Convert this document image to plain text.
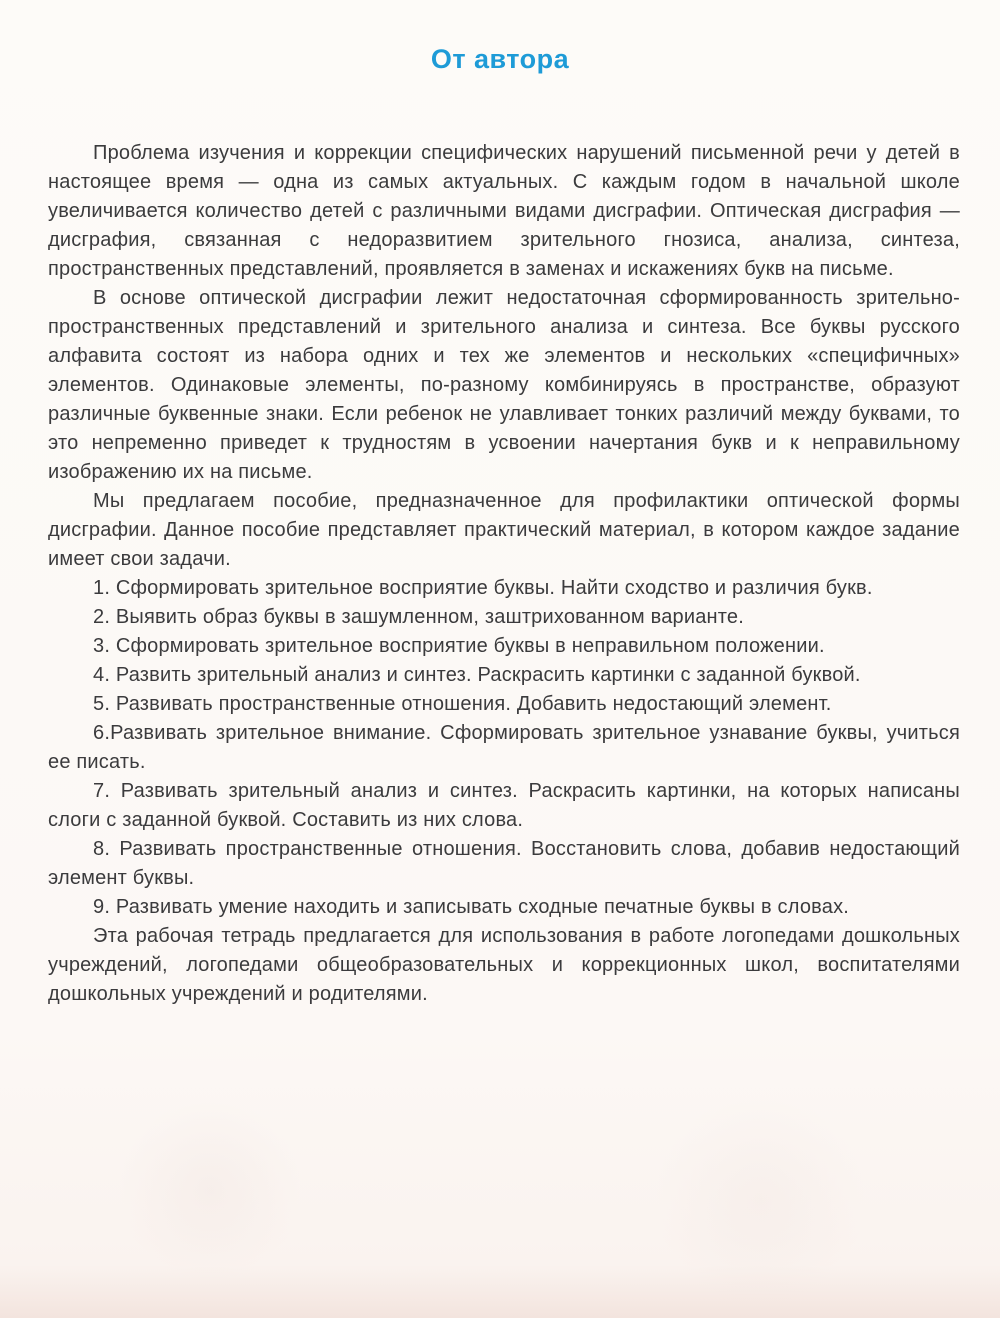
От автора

Проблема изучения и коррекции специфических нарушений письменной речи у детей в настоящее время — одна из самых актуальных. С каждым годом в начальной школе увеличивается количество детей с различными видами дисграфии. Оптическая дисграфия — дисграфия, связанная с недоразвитием зрительного гнозиса, анализа, синтеза, пространственных представлений, проявляется в заменах и искажениях букв на письме.

В основе оптической дисграфии лежит недостаточная сформированность зрительно-пространственных представлений и зрительного анализа и синтеза. Все буквы русского алфавита состоят из набора одних и тех же элементов и нескольких «специфичных» элементов. Одинаковые элементы, по-разному комбинируясь в пространстве, образуют различные буквенные знаки. Если ребенок не улавливает тонких различий между буквами, то это непременно приведет к трудностям в усвоении начертания букв и к неправильному изображению их на письме.

Мы предлагаем пособие, предназначенное для профилактики оптической формы дисграфии. Данное пособие представляет практический материал, в котором каждое задание имеет свои задачи.

1. Сформировать зрительное восприятие буквы. Найти сходство и различия букв.

2. Выявить образ буквы в зашумленном, заштрихованном варианте.

3. Сформировать зрительное восприятие буквы в неправильном положении.

4. Развить зрительный анализ и синтез. Раскрасить картинки с заданной буквой.

5. Развивать пространственные отношения. Добавить недостающий элемент.

6.Развивать зрительное внимание. Сформировать зрительное узнавание буквы, учиться ее писать.

7. Развивать зрительный анализ и синтез. Раскрасить картинки, на которых написаны слоги с заданной буквой. Составить из них слова.

8. Развивать пространственные отношения. Восстановить слова, добавив недостающий элемент буквы.

9. Развивать умение находить и записывать сходные печатные буквы в словах.

Эта рабочая тетрадь предлагается для использования в работе логопедами дошкольных учреждений, логопедами общеобразовательных и коррекционных школ, воспитателями дошкольных учреждений и родителями.
